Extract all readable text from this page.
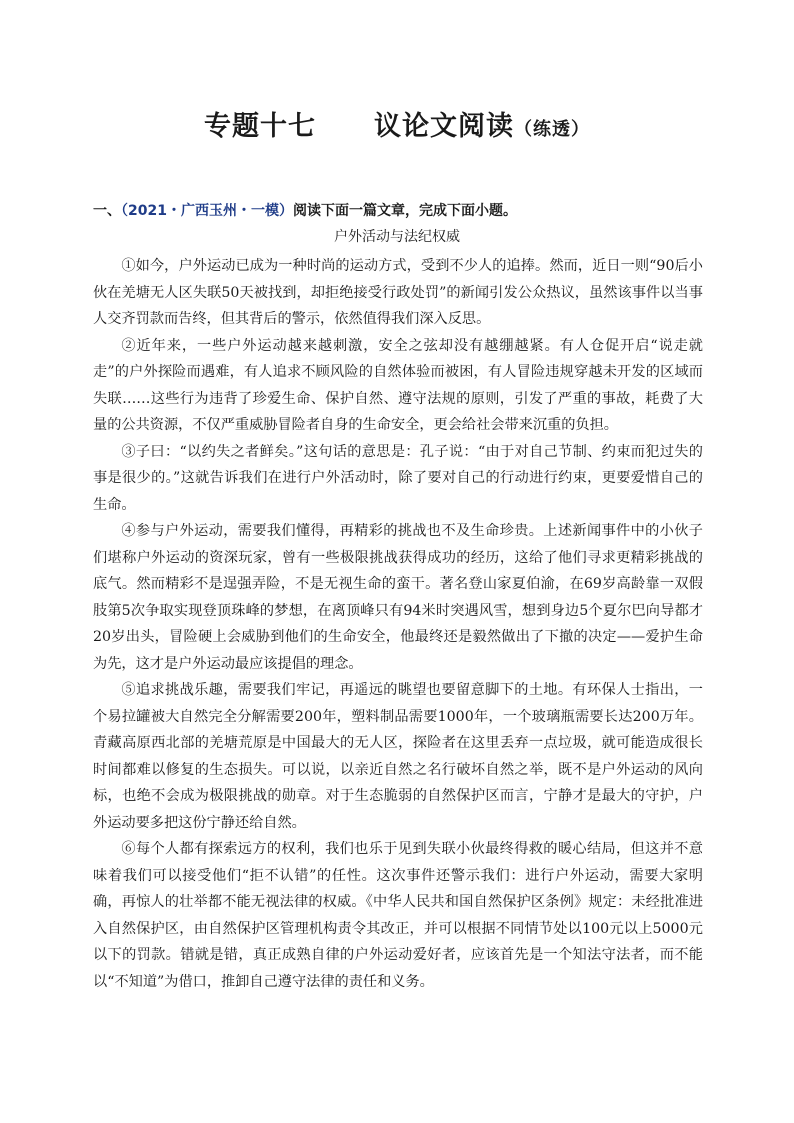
专题十七 议论文阅读（练透）
一、（2021・广西玉州・一模）阅读下面一篇文章，完成下面小题。
户外活动与法纪权威

①如今，户外运动已成为一种时尚的运动方式，受到不少人的追捧。然而，近日一则“90后小伙在羌塘无人区失联50天被找到，却拒绝接受行政处罚”的新闻引发公众热议，虽然该事件以当事人交齐罚款而告终，但其背后的警示，依然值得我们深入反思。

②近年来，一些户外运动越来越刺激，安全之弦却没有越绷越紧。有人仓促开启“说走就走”的户外探险而遇难，有人追求不顾风险的自然体验而被困，有人冒险违规穿越未开发的区域而失联……这些行为违背了珍爱生命、保护自然、遵守法规的原则，引发了严重的事故，耗费了大量的公共资源，不仅严重威胁冒险者自身的生命安全，更会给社会带来沉重的负担。

③子曰：“以约失之者鲜矣。”这句话的意思是：孔子说：“由于对自己节制、约束而犯过失的事是很少的。”这就告诉我们在进行户外活动时，除了要对自己的行动进行约束，更要爱惜自己的生命。

④参与户外运动，需要我们懂得，再精彩的挑战也不及生命珍贵。上述新闻事件中的小伙子们堪称户外运动的资深玩家，曾有一些极限挑战获得成功的经历，这给了他们寻求更精彩挑战的底气。然而精彩不是逞强弄险，不是无视生命的蛮干。著名登山家夏伯渝，在69岁高龄靠一双假肢第5次争取实现登顶珠峰的梦想，在离顶峰只有94米时突遇风雪，想到身边5个夏尔巴向导都才20岁出头，冒险硬上会威胁到他们的生命安全，他最终还是毅然做出了下撤的决定——爱护生命为先，这才是户外运动最应该提倡的理念。

⑤追求挑战乐趣，需要我们牢记，再遥远的眺望也要留意脚下的土地。有环保人士指出，一个易拉罐被大自然完全分解需要200年，塑料制品需要1000年，一个玻璃瓶需要长达200万年。青藏高原西北部的羌塘荒原是中国最大的无人区，探险者在这里丢弃一点垃圾，就可能造成很长时间都难以修复的生态损失。可以说，以亲近自然之名行破坏自然之举，既不是户外运动的风向标，也绝不会成为极限挑战的勋章。对于生态脆弱的自然保护区而言，宁静才是最大的守护，户外运动要多把这份宁静还给自然。

⑥每个人都有探索远方的权利，我们也乐于见到失联小伙最终得救的暖心结局，但这并不意味着我们可以接受他们“拒不认错”的任性。这次事件还警示我们：进行户外运动，需要大家明确，再惊人的壮举都不能无视法律的权威。《中华人民共和国自然保护区条例》规定：未经批准进入自然保护区，由自然保护区管理机构责令其改正，并可以根据不同情节处以100元以上5000元以下的罚款。错就是错，真正成熟自律的户外运动爱好者，应该首先是一个知法守法者，而不能以“不知道”为借口，推卸自己遵守法律的责任和义务。
